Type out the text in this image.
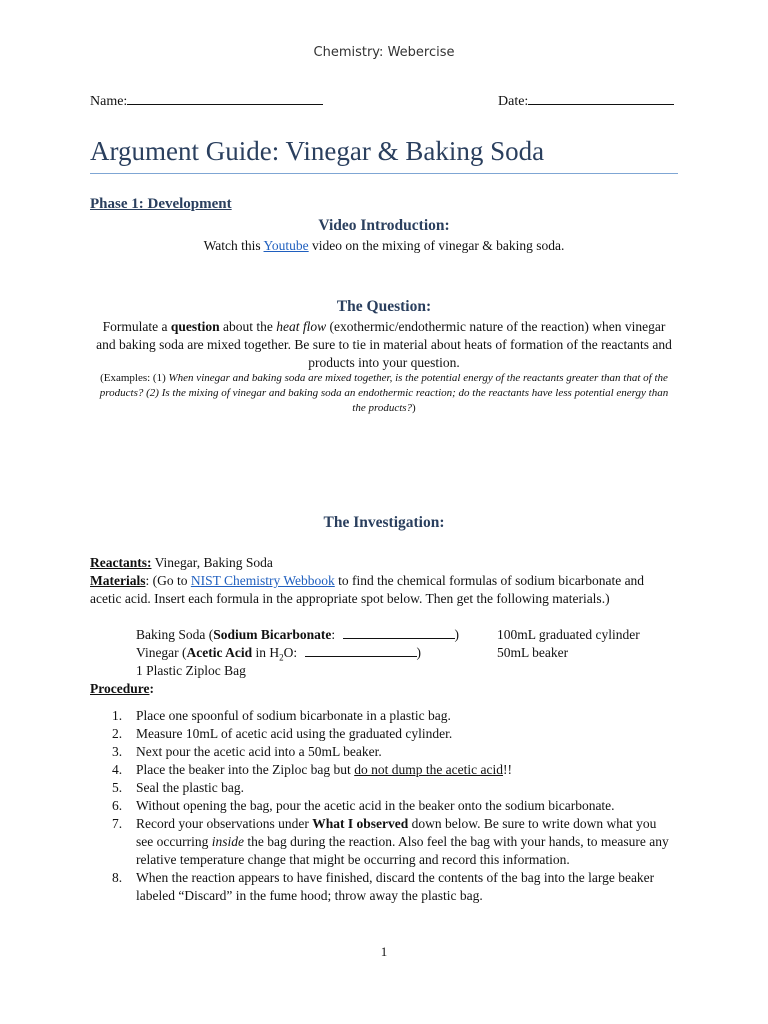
Chemistry: Webercise
Name:	Date:
Argument Guide: Vinegar & Baking Soda
Phase 1: Development
Video Introduction:
Watch this Youtube video on the mixing of vinegar & baking soda.
The Question:
Formulate a question about the heat flow (exothermic/endothermic nature of the reaction) when vinegar and baking soda are mixed together. Be sure to tie in material about heats of formation of the reactants and products into your question.
(Examples: (1) When vinegar and baking soda are mixed together, is the potential energy of the reactants greater than that of the products? (2) Is the mixing of vinegar and baking soda an endothermic reaction; do the reactants have less potential energy than the products?)
The Investigation:
Reactants: Vinegar, Baking Soda
Materials: (Go to NIST Chemistry Webbook to find the chemical formulas of sodium bicarbonate and acetic acid. Insert each formula in the appropriate spot below. Then get the following materials.)
Baking Soda (Sodium Bicarbonate:	)	100mL graduated cylinder
Vinegar (Acetic Acid in $H_2O$:	)	50mL beaker
1 Plastic Ziploc Bag
Procedure:
1. Place one spoonful of sodium bicarbonate in a plastic bag.
2. Measure 10mL of acetic acid using the graduated cylinder.
3. Next pour the acetic acid into a 50mL beaker.
4. Place the beaker into the Ziploc bag but do not dump the acetic acid!!
5. Seal the plastic bag.
6. Without opening the bag, pour the acetic acid in the beaker onto the sodium bicarbonate.
7. Record your observations under What I observed down below. Be sure to write down what you see occurring inside the bag during the reaction. Also feel the bag with your hands, to measure any relative temperature change that might be occurring and record this information.
8. When the reaction appears to have finished, discard the contents of the bag into the large beaker labeled “Discard” in the fume hood; throw away the plastic bag.
1
